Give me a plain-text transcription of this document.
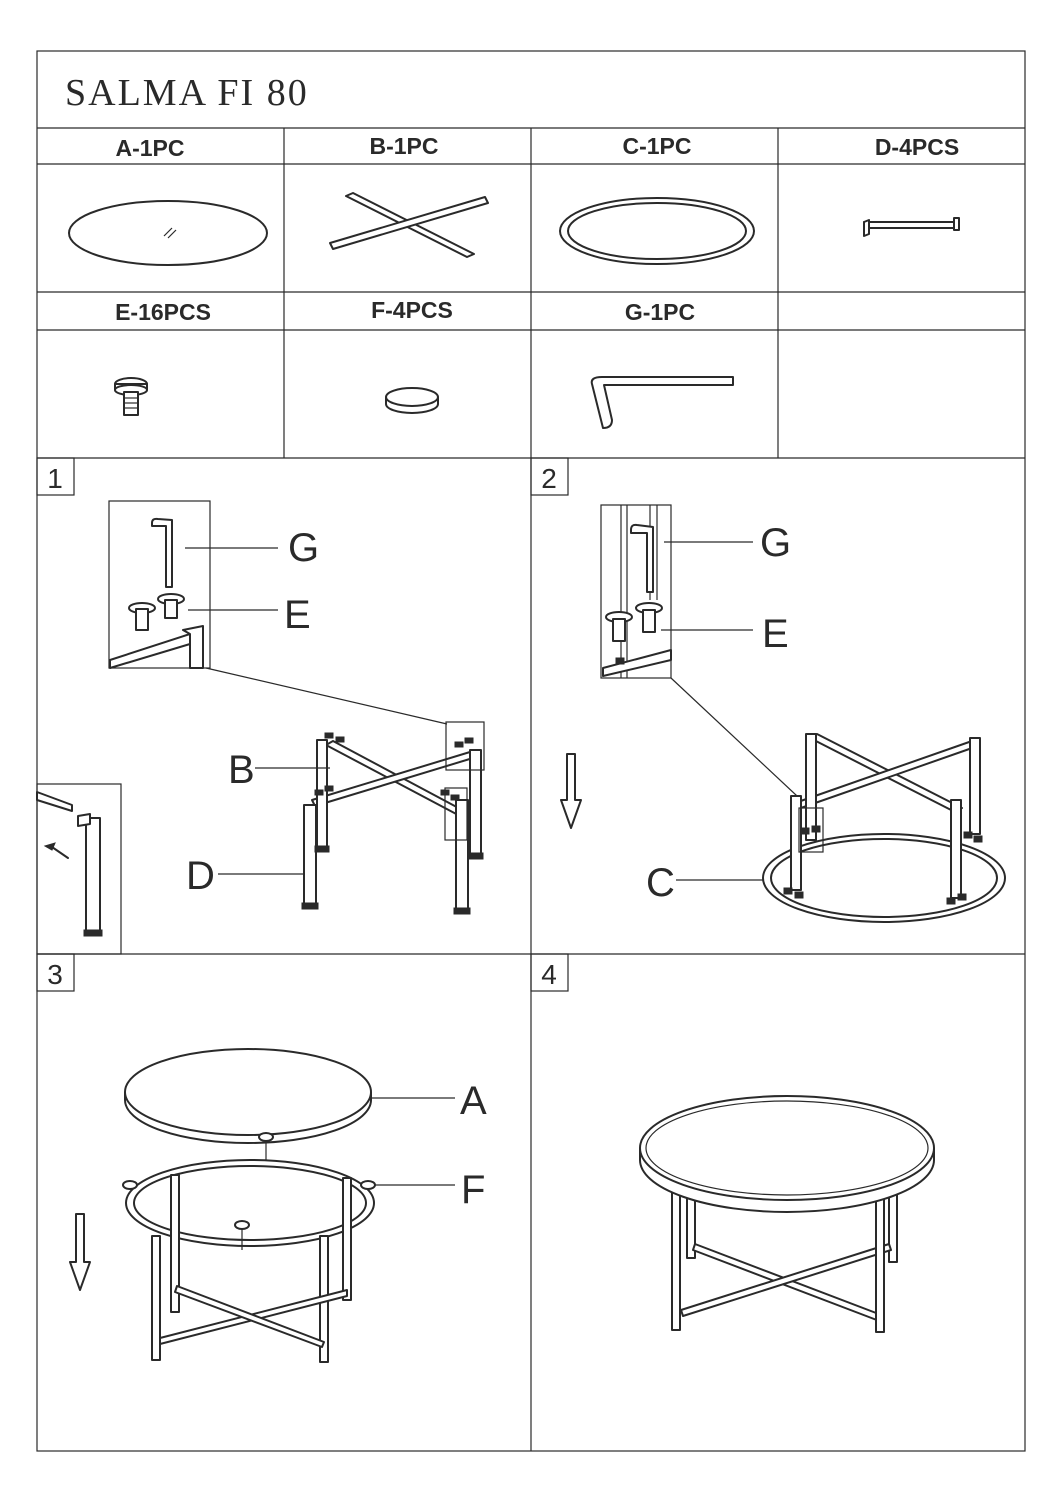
SALMA FI 80
A-1PC	B-1PC	C-1PC	D-4PCS
E-16PCS	F-4PCS	G-1PC
1
G
E
B
D
2
G
E
C
3
A
F
4
